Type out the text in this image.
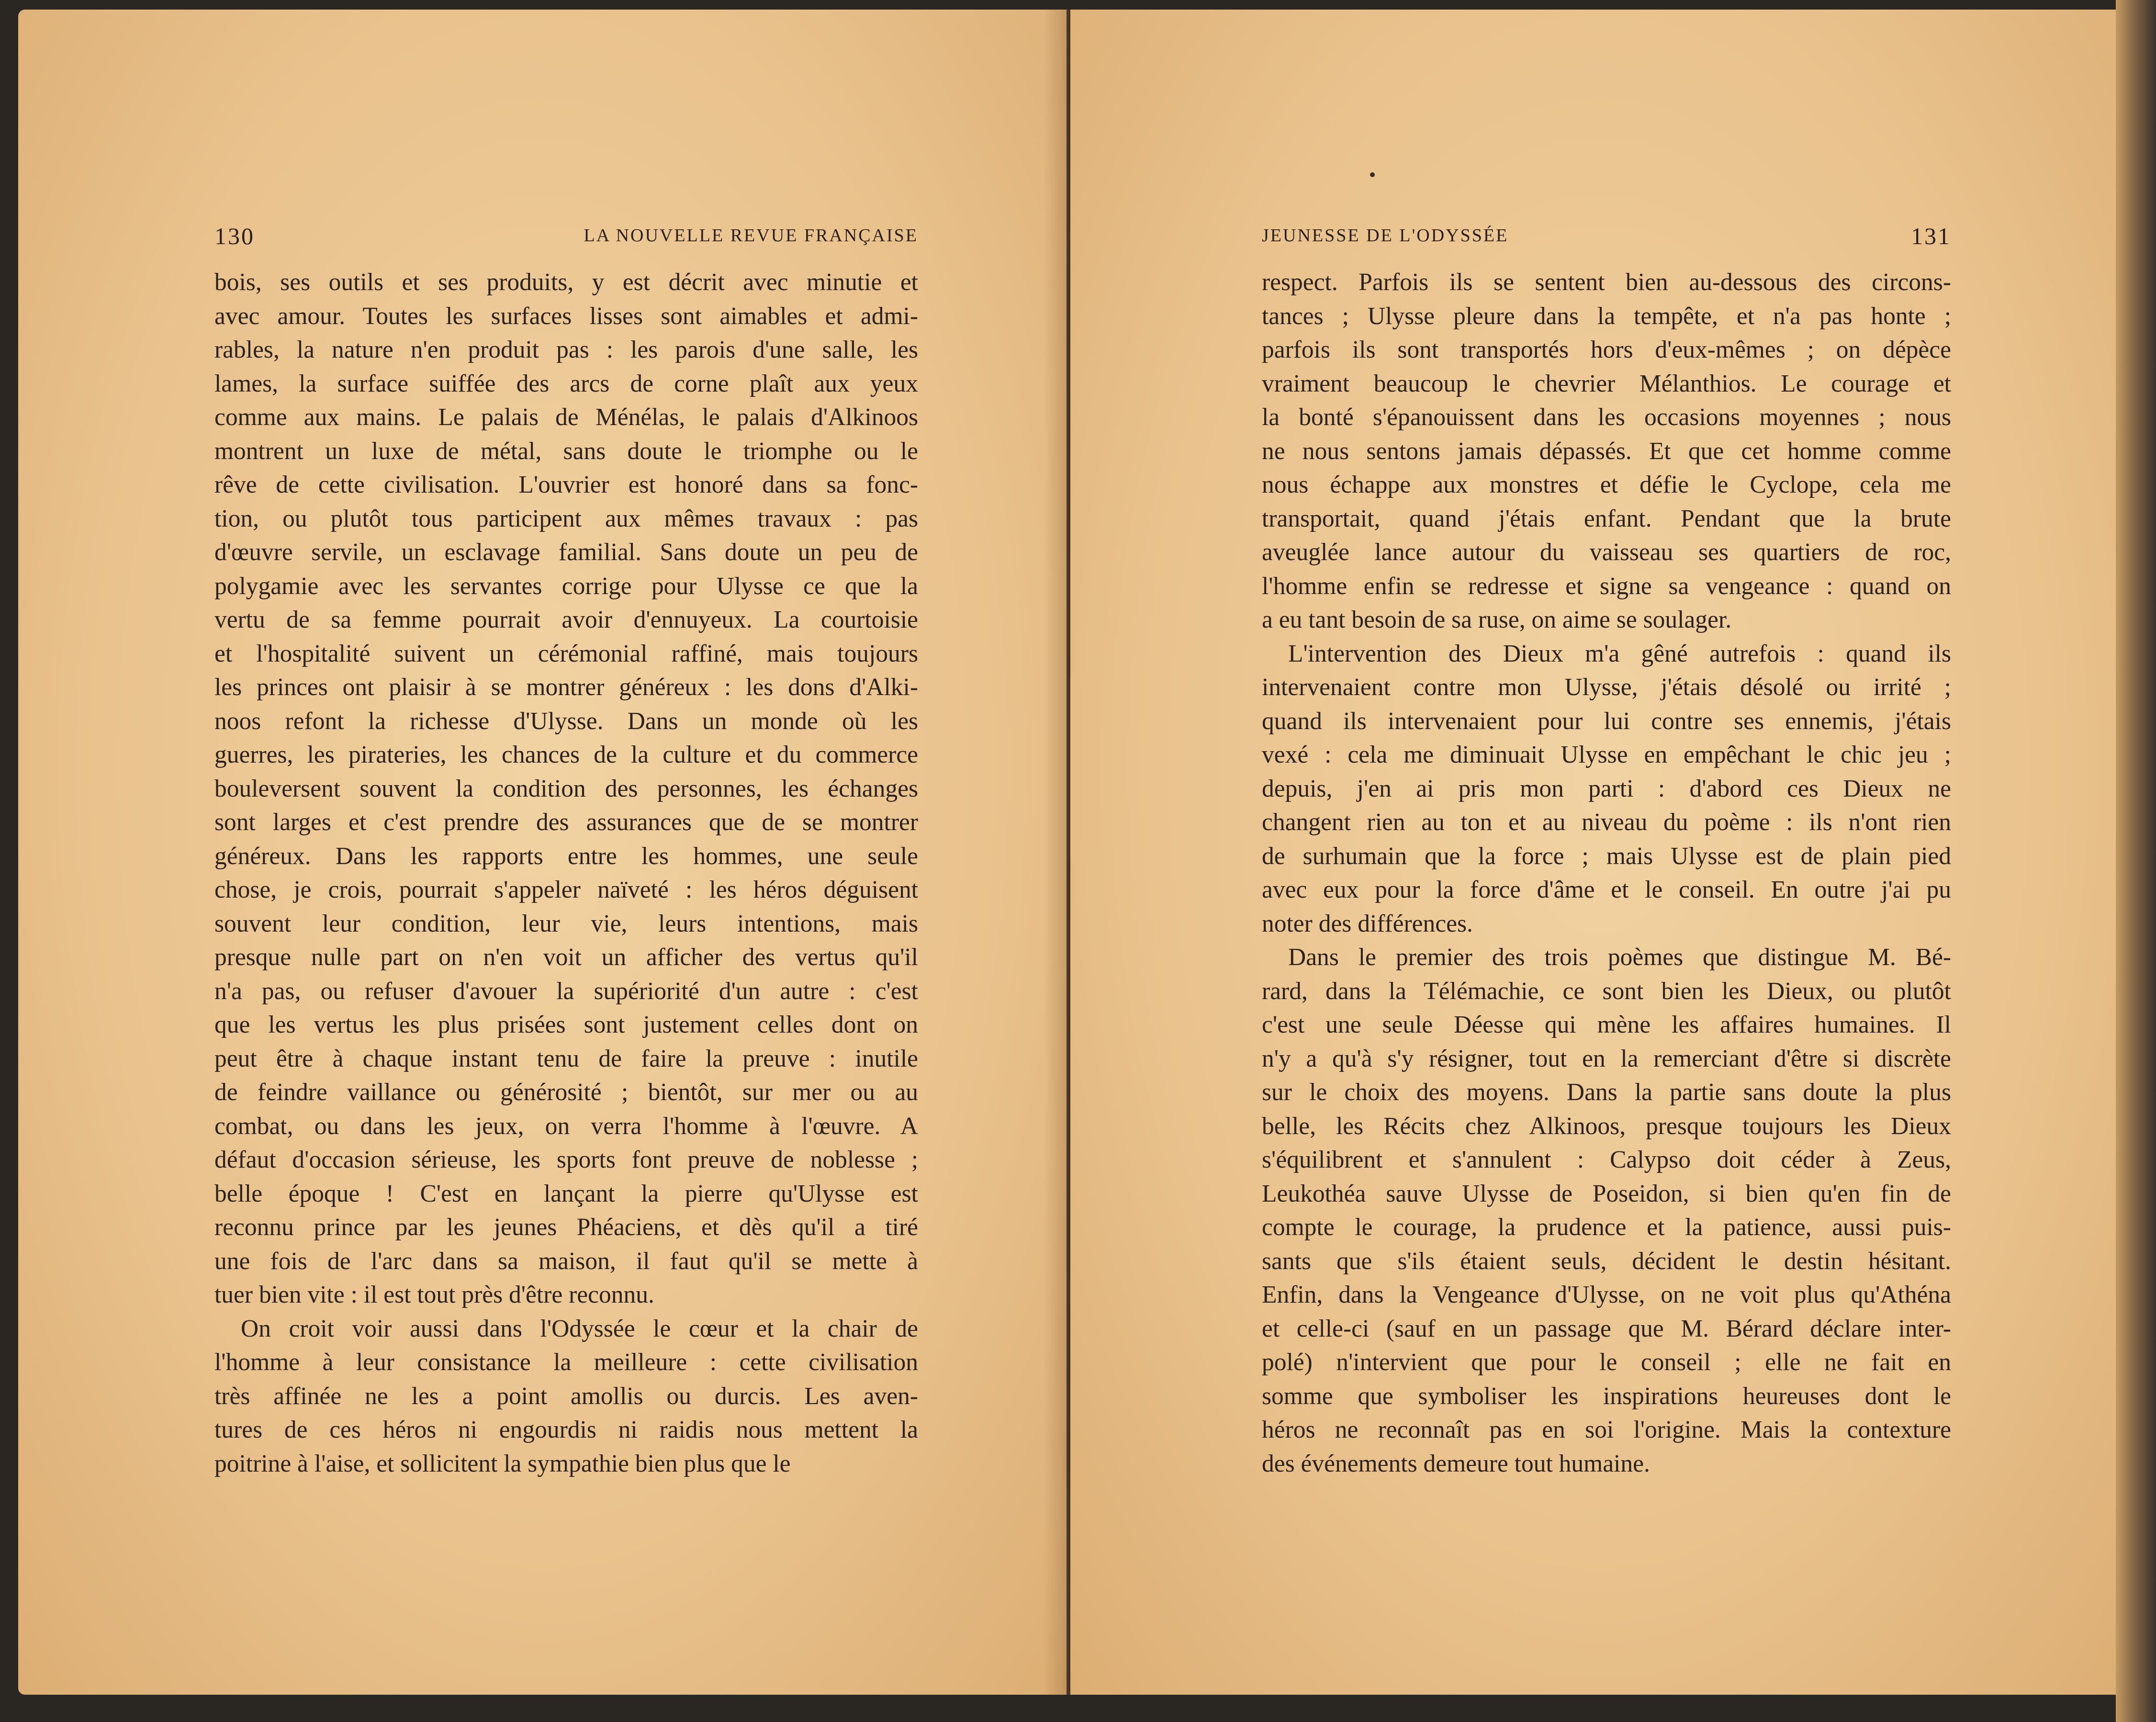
130	LA NOUVELLE REVUE FRANÇAISE
bois, ses outils et ses produits, y est décrit avec minutie et
avec amour. Toutes les surfaces lisses sont aimables et admi-
rables, la nature n'en produit pas : les parois d'une salle, les
lames, la surface suiffée des arcs de corne plaît aux yeux
comme aux mains. Le palais de Ménélas, le palais d'Alkinoos
montrent un luxe de métal, sans doute le triomphe ou le
rêve de cette civilisation. L'ouvrier est honoré dans sa fonc-
tion, ou plutôt tous participent aux mêmes travaux : pas
d'œuvre servile, un esclavage familial. Sans doute un peu de
polygamie avec les servantes corrige pour Ulysse ce que la
vertu de sa femme pourrait avoir d'ennuyeux. La courtoisie
et l'hospitalité suivent un cérémonial raffiné, mais toujours
les princes ont plaisir à se montrer généreux : les dons d'Alki-
noos refont la richesse d'Ulysse. Dans un monde où les
guerres, les pirateries, les chances de la culture et du commerce
bouleversent souvent la condition des personnes, les échanges
sont larges et c'est prendre des assurances que de se montrer
généreux. Dans les rapports entre les hommes, une seule
chose, je crois, pourrait s'appeler naïveté : les héros déguisent
souvent leur condition, leur vie, leurs intentions, mais
presque nulle part on n'en voit un afficher des vertus qu'il
n'a pas, ou refuser d'avouer la supériorité d'un autre : c'est
que les vertus les plus prisées sont justement celles dont on
peut être à chaque instant tenu de faire la preuve : inutile
de feindre vaillance ou générosité ; bientôt, sur mer ou au
combat, ou dans les jeux, on verra l'homme à l'œuvre. A
défaut d'occasion sérieuse, les sports font preuve de noblesse ;
belle époque ! C'est en lançant la pierre qu'Ulysse est
reconnu prince par les jeunes Phéaciens, et dès qu'il a tiré
une fois de l'arc dans sa maison, il faut qu'il se mette à
tuer bien vite : il est tout près d'être reconnu.
On croit voir aussi dans l'Odyssée le cœur et la chair de
l'homme à leur consistance la meilleure : cette civilisation
très affinée ne les a point amollis ou durcis. Les aven-
tures de ces héros ni engourdis ni raidis nous mettent la
poitrine à l'aise, et sollicitent la sympathie bien plus que le
JEUNESSE DE L'ODYSSÉE	131
respect. Parfois ils se sentent bien au-dessous des circons-
tances ; Ulysse pleure dans la tempête, et n'a pas honte ;
parfois ils sont transportés hors d'eux-mêmes ; on dépèce
vraiment beaucoup le chevrier Mélanthios. Le courage et
la bonté s'épanouissent dans les occasions moyennes ; nous
ne nous sentons jamais dépassés. Et que cet homme comme
nous échappe aux monstres et défie le Cyclope, cela me
transportait, quand j'étais enfant. Pendant que la brute
aveuglée lance autour du vaisseau ses quartiers de roc,
l'homme enfin se redresse et signe sa vengeance : quand on
a eu tant besoin de sa ruse, on aime se soulager.
L'intervention des Dieux m'a gêné autrefois : quand ils
intervenaient contre mon Ulysse, j'étais désolé ou irrité ;
quand ils intervenaient pour lui contre ses ennemis, j'étais
vexé : cela me diminuait Ulysse en empêchant le chic jeu ;
depuis, j'en ai pris mon parti : d'abord ces Dieux ne
changent rien au ton et au niveau du poème : ils n'ont rien
de surhumain que la force ; mais Ulysse est de plain pied
avec eux pour la force d'âme et le conseil. En outre j'ai pu
noter des différences.
Dans le premier des trois poèmes que distingue M. Bé-
rard, dans la Télémachie, ce sont bien les Dieux, ou plutôt
c'est une seule Déesse qui mène les affaires humaines. Il
n'y a qu'à s'y résigner, tout en la remerciant d'être si discrète
sur le choix des moyens. Dans la partie sans doute la plus
belle, les Récits chez Alkinoos, presque toujours les Dieux
s'équilibrent et s'annulent : Calypso doit céder à Zeus,
Leukothéa sauve Ulysse de Poseidon, si bien qu'en fin de
compte le courage, la prudence et la patience, aussi puis-
sants que s'ils étaient seuls, décident le destin hésitant.
Enfin, dans la Vengeance d'Ulysse, on ne voit plus qu'Athéna
et celle-ci (sauf en un passage que M. Bérard déclare inter-
polé) n'intervient que pour le conseil ; elle ne fait en
somme que symboliser les inspirations heureuses dont le
héros ne reconnaît pas en soi l'origine. Mais la contexture
des événements demeure tout humaine.
